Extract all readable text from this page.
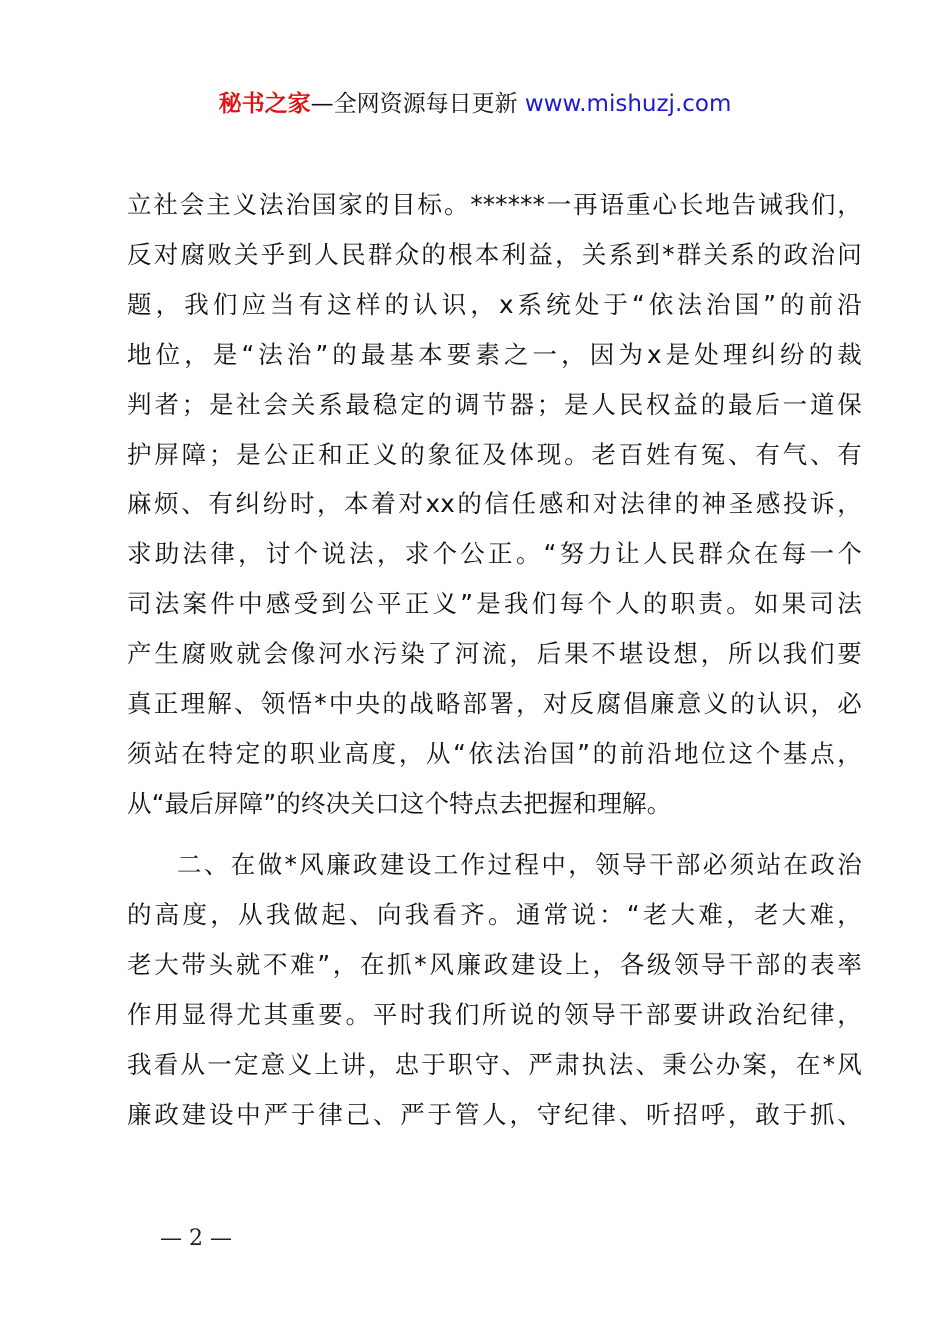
秘书之家—全网资源每日更新 www.mishuzj.com
立社会主义法治国家的目标。******一再语重心长地告诫我们，
反对腐败关乎到人民群众的根本利益，关系到*群关系的政治问
题，我们应当有这样的认识，x系统处于“依法治国”的前沿
地位，是“法治”的最基本要素之一，因为x是处理纠纷的裁
判者；是社会关系最稳定的调节器；是人民权益的最后一道保
护屏障；是公正和正义的象征及体现。老百姓有冤、有气、有
麻烦、有纠纷时，本着对xx的信任感和对法律的神圣感投诉，
求助法律，讨个说法，求个公正。“努力让人民群众在每一个
司法案件中感受到公平正义”是我们每个人的职责。如果司法
产生腐败就会像河水污染了河流，后果不堪设想，所以我们要
真正理解、领悟*中央的战略部署，对反腐倡廉意义的认识，必
须站在特定的职业高度，从“依法治国”的前沿地位这个基点，
从“最后屏障”的终决关口这个特点去把握和理解。
二、在做*风廉政建设工作过程中，领导干部必须站在政治
的高度，从我做起、向我看齐。通常说：“老大难，老大难，
老大带头就不难”，在抓*风廉政建设上，各级领导干部的表率
作用显得尤其重要。平时我们所说的领导干部要讲政治纪律，
我看从一定意义上讲，忠于职守、严肃执法、秉公办案，在*风
廉政建设中严于律己、严于管人，守纪律、听招呼，敢于抓、
— 2 —
